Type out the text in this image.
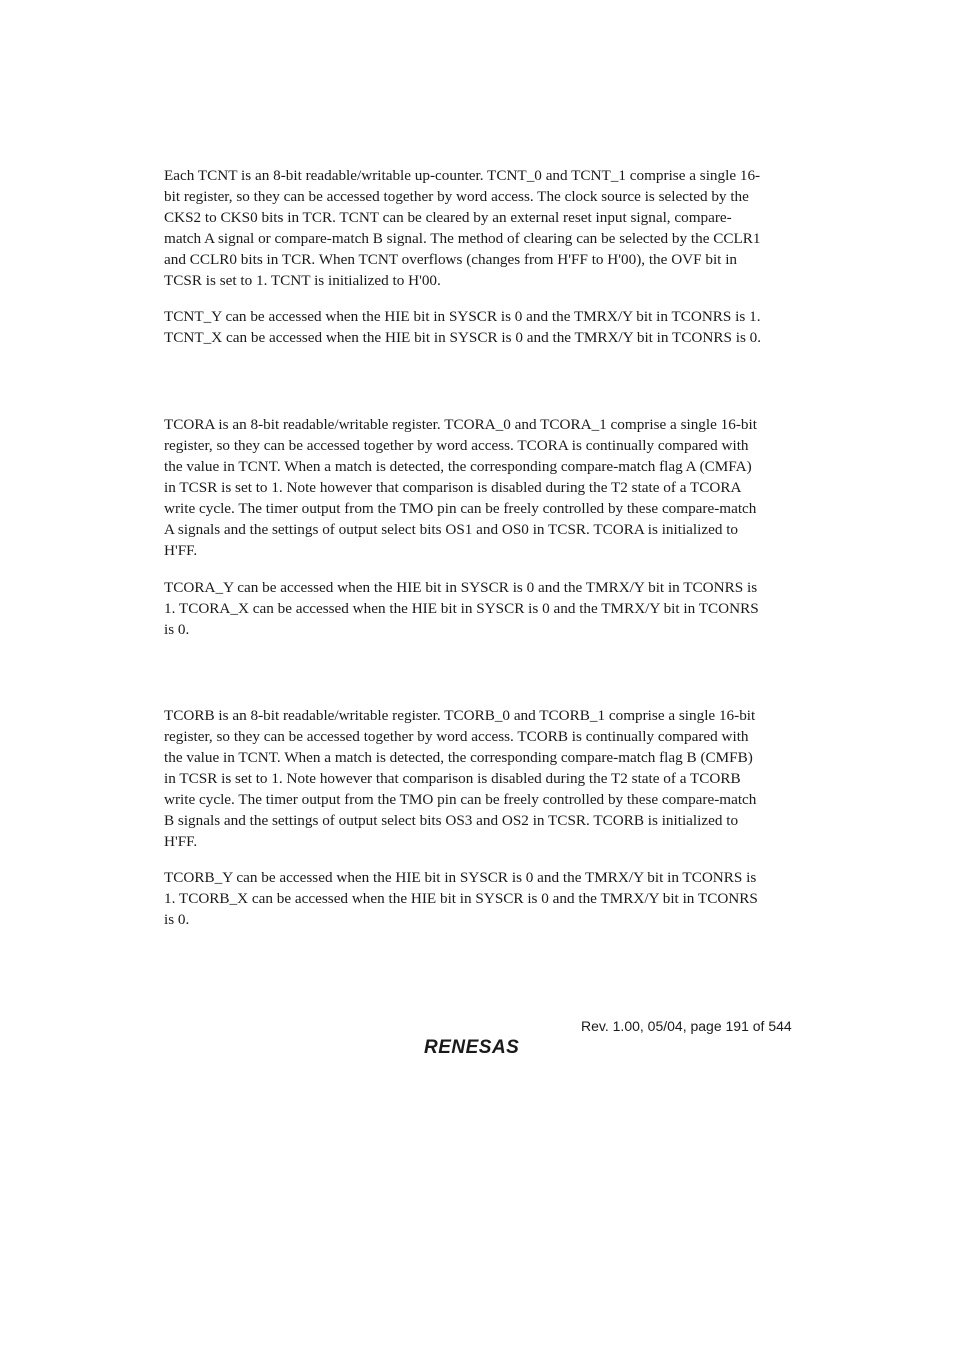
Each TCNT is an 8-bit readable/writable up-counter. TCNT_0 and TCNT_1 comprise a single 16-

bit register, so they can be accessed together by word access. The clock source is selected by the

CKS2 to CKS0 bits in TCR. TCNT can be cleared by an external reset input signal, compare-

match A signal or compare-match B signal. The method of clearing can be selected by the CCLR1

and CCLR0 bits in TCR. When TCNT overflows (changes from H'FF to H'00), the OVF bit in

TCSR is set to 1. TCNT is initialized to H'00.

TCNT_Y can be accessed when the HIE bit in SYSCR is 0 and the TMRX/Y bit in TCONRS is 1.

TCNT_X can be accessed when the HIE bit in SYSCR is 0 and the TMRX/Y bit in TCONRS is 0.

TCORA is an 8-bit readable/writable register. TCORA_0 and TCORA_1 comprise a single 16-bit

register, so they can be accessed together by word access. TCORA is continually compared with

the value in TCNT. When a match is detected, the corresponding compare-match flag A (CMFA)

in TCSR is set to 1. Note however that comparison is disabled during the T2 state of a TCORA

write cycle. The timer output from the TMO pin can be freely controlled by these compare-match

A signals and the settings of output select bits OS1 and OS0 in TCSR. TCORA is initialized to

H'FF.

TCORA_Y can be accessed when the HIE bit in SYSCR is 0 and the TMRX/Y bit in TCONRS is

1. TCORA_X can be accessed when the HIE bit in SYSCR is 0 and the TMRX/Y bit in TCONRS

is 0.

TCORB is an 8-bit readable/writable register. TCORB_0 and TCORB_1 comprise a single 16-bit

register, so they can be accessed together by word access. TCORB is continually compared with

the value in TCNT. When a match is detected, the corresponding compare-match flag B (CMFB)

in TCSR is set to 1. Note however that comparison is disabled during the T2 state of a TCORB

write cycle. The timer output from the TMO pin can be freely controlled by these compare-match

B signals and the settings of output select bits OS3 and OS2 in TCSR. TCORB is initialized to

H'FF.

TCORB_Y can be accessed when the HIE bit in SYSCR is 0 and the TMRX/Y bit in TCONRS is

1. TCORB_X can be accessed when the HIE bit in SYSCR is 0 and the TMRX/Y bit in TCONRS

is 0.

Rev. 1.00, 05/04, page 191 of 544
RENESAS
